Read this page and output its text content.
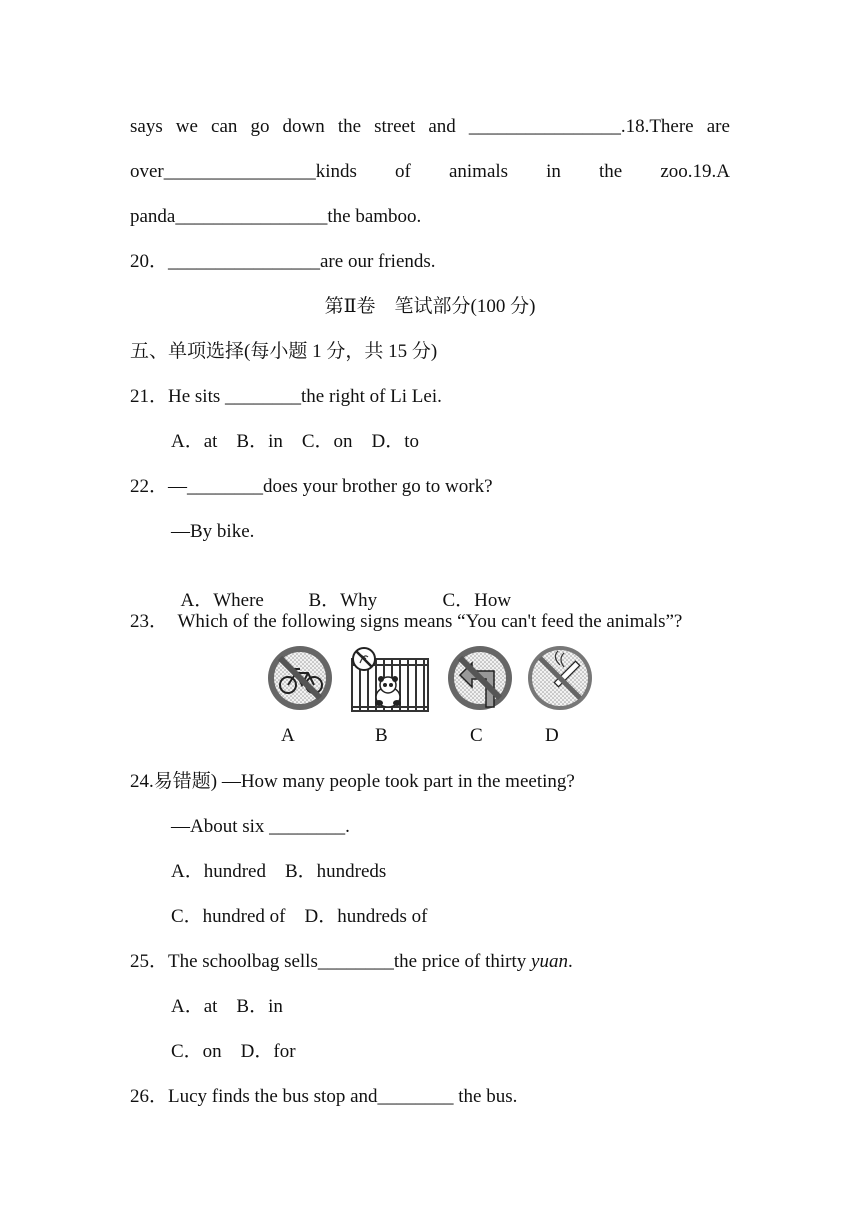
says we can go down the street and ________________.18.There are
over________________kinds of animals in the zoo.19.A
panda________________the bamboo.
20．________________are our friends.
第Ⅱ卷　笔试部分(100 分)
五、单项选择(每小题 1 分，共 15 分)
21．He sits ________the right of Li Lei.
A．at　B．in　C．on　D．to
22．—________does your brother go to work?
—By bike.

A．Where B．Why	C．How

23．　Which of the following signs means “You can't feed the animals”?
A	B	C	D
24.易错题) —How many people took part in the meeting?
—About six ________.
A．hundred　B．hundreds
C．hundred of　D．hundreds of
25．The schoolbag sells________the price of thirty yuan.
A．at　B．in
C．on　D．for
26．Lucy finds the bus stop and________ the bus.
